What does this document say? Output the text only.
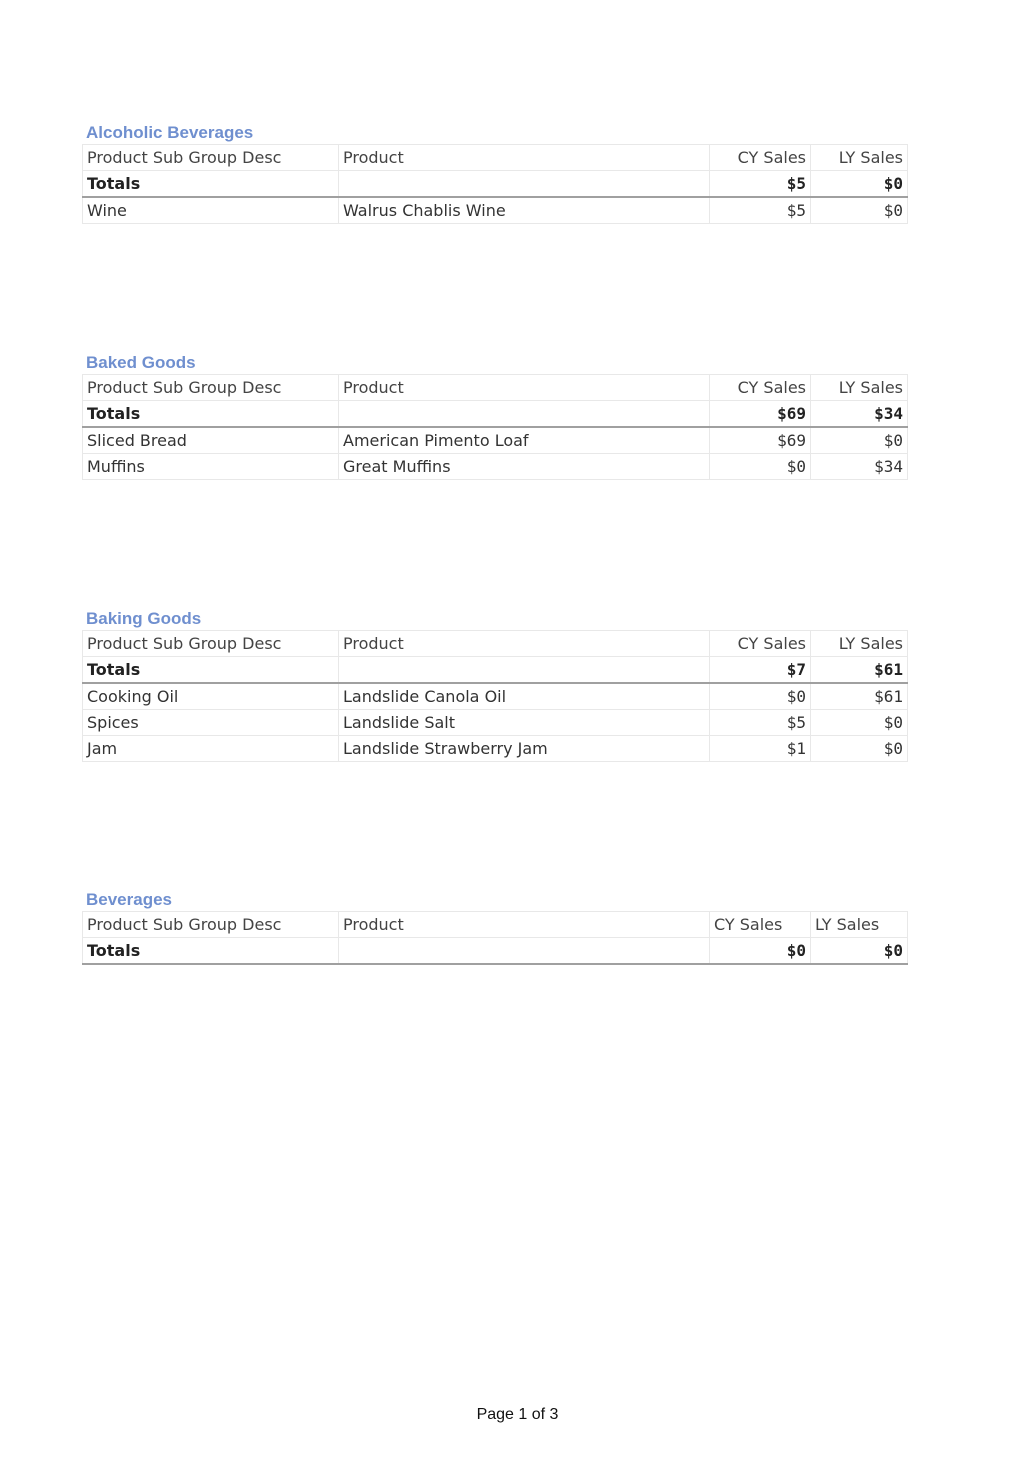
Alcoholic Beverages
Product Sub Group Desc	Product	CY Sales	LY Sales
Totals		$5	$0
Wine	Walrus Chablis Wine	$5	$0
Baked Goods
Product Sub Group Desc	Product	CY Sales	LY Sales
Totals		$69	$34
Sliced Bread	American Pimento Loaf	$69	$0
Muffins	Great Muffins	$0	$34
Baking Goods
Product Sub Group Desc	Product	CY Sales	LY Sales
Totals		$7	$61
Cooking Oil	Landslide Canola Oil	$0	$61
Spices	Landslide Salt	$5	$0
Jam	Landslide Strawberry Jam	$1	$0
Beverages
Product Sub Group Desc	Product	CY Sales	LY Sales
Totals		$0	$0
Page 1 of 3
